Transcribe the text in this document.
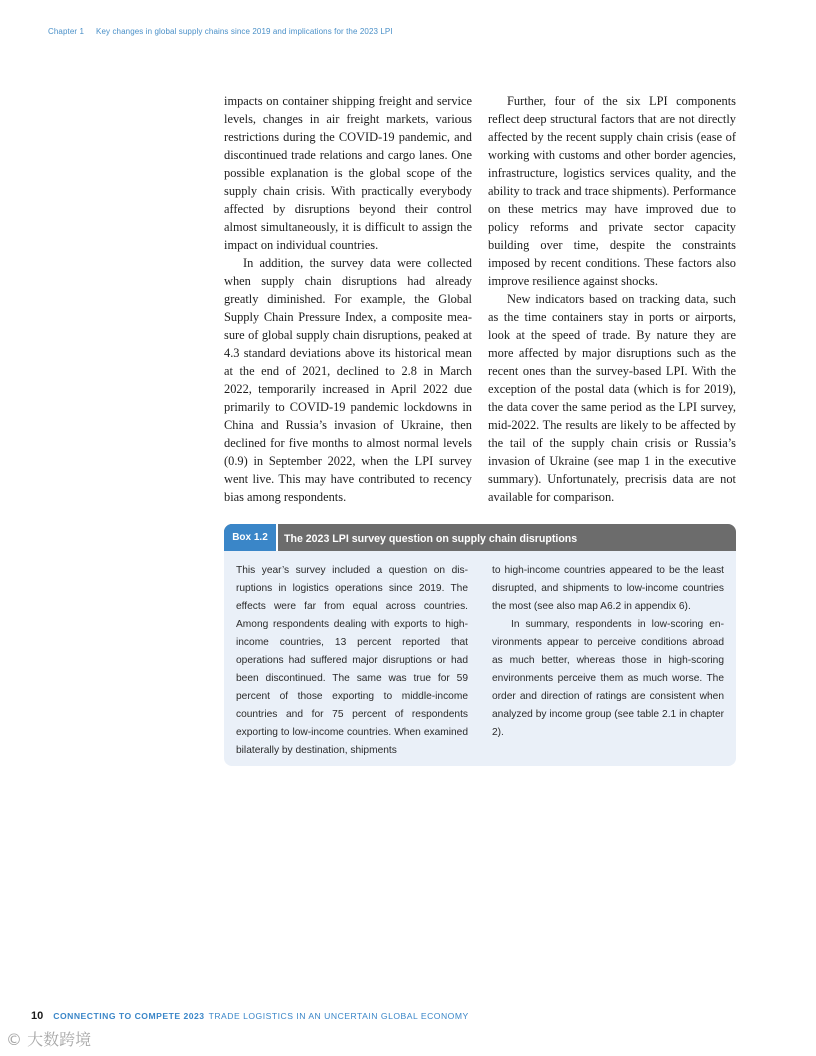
Chapter 1 Key changes in global supply chains since 2019 and implications for the 2023 LPI

impacts on container shipping freight and service levels, changes in air freight markets, various restrictions during the COVID-19 pandemic, and discontinued trade relations and cargo lanes. One possible explanation is the global scope of the supply chain crisis. With practically everybody affected by disruptions beyond their control almost simultaneously, it is difficult to assign the impact on individual countries.

In addition, the survey data were collected when supply chain disruptions had already greatly diminished. For example, the Global Supply Chain Pressure Index, a composite measure of global supply chain disruptions, peaked at 4.3 standard deviations above its historical mean at the end of 2021, declined to 2.8 in March 2022, temporarily increased in April 2022 due primarily to COVID-19 pandemic lockdowns in China and Russia’s invasion of Ukraine, then declined for five months to almost normal levels (0.9) in September 2022, when the LPI survey went live. This may have contributed to recency bias among respondents.

Further, four of the six LPI components reflect deep structural factors that are not directly affected by the recent supply chain crisis (ease of working with customs and other border agencies, infrastructure, logistics services quality, and the ability to track and trace shipments). Performance on these metrics may have improved due to policy reforms and private sector capacity building over time, despite the constraints imposed by recent conditions. These factors also improve resilience against shocks.

New indicators based on tracking data, such as the time containers stay in ports or airports, look at the speed of trade. By nature they are more affected by major disruptions such as the recent ones than the survey-based LPI. With the exception of the postal data (which is for 2019), the data cover the same period as the LPI survey, mid-2022. The results are likely to be affected by the tail of the supply chain crisis or Russia’s invasion of Ukraine (see map 1 in the executive summary). Unfortunately, precrisis data are not available for comparison.

Box 1.2	The 2023 LPI survey question on supply chain disruptions

This year’s survey included a question on disruptions in logistics operations since 2019. The effects were far from equal across countries. Among respondents dealing with exports to high-income countries, 13 percent reported that operations had suffered major disruptions or had been discontinued. The same was true for 59 percent of those exporting to middle-income countries and for 75 percent of respondents exporting to low-income countries. When examined bilaterally by destination, shipments

to high-income countries appeared to be the least disrupted, and shipments to low-income countries the most (see also map A6.2 in appendix 6).

In summary, respondents in low-scoring environments appear to perceive conditions abroad as much better, whereas those in high-scoring environments perceive them as much worse. The order and direction of ratings are consistent when analyzed by income group (see table 2.1 in chapter 2).

10 CONNECTING TO COMPETE 2023 TRADE LOGISTICS IN AN UNCERTAIN GLOBAL ECONOMY
© 大数跨境
